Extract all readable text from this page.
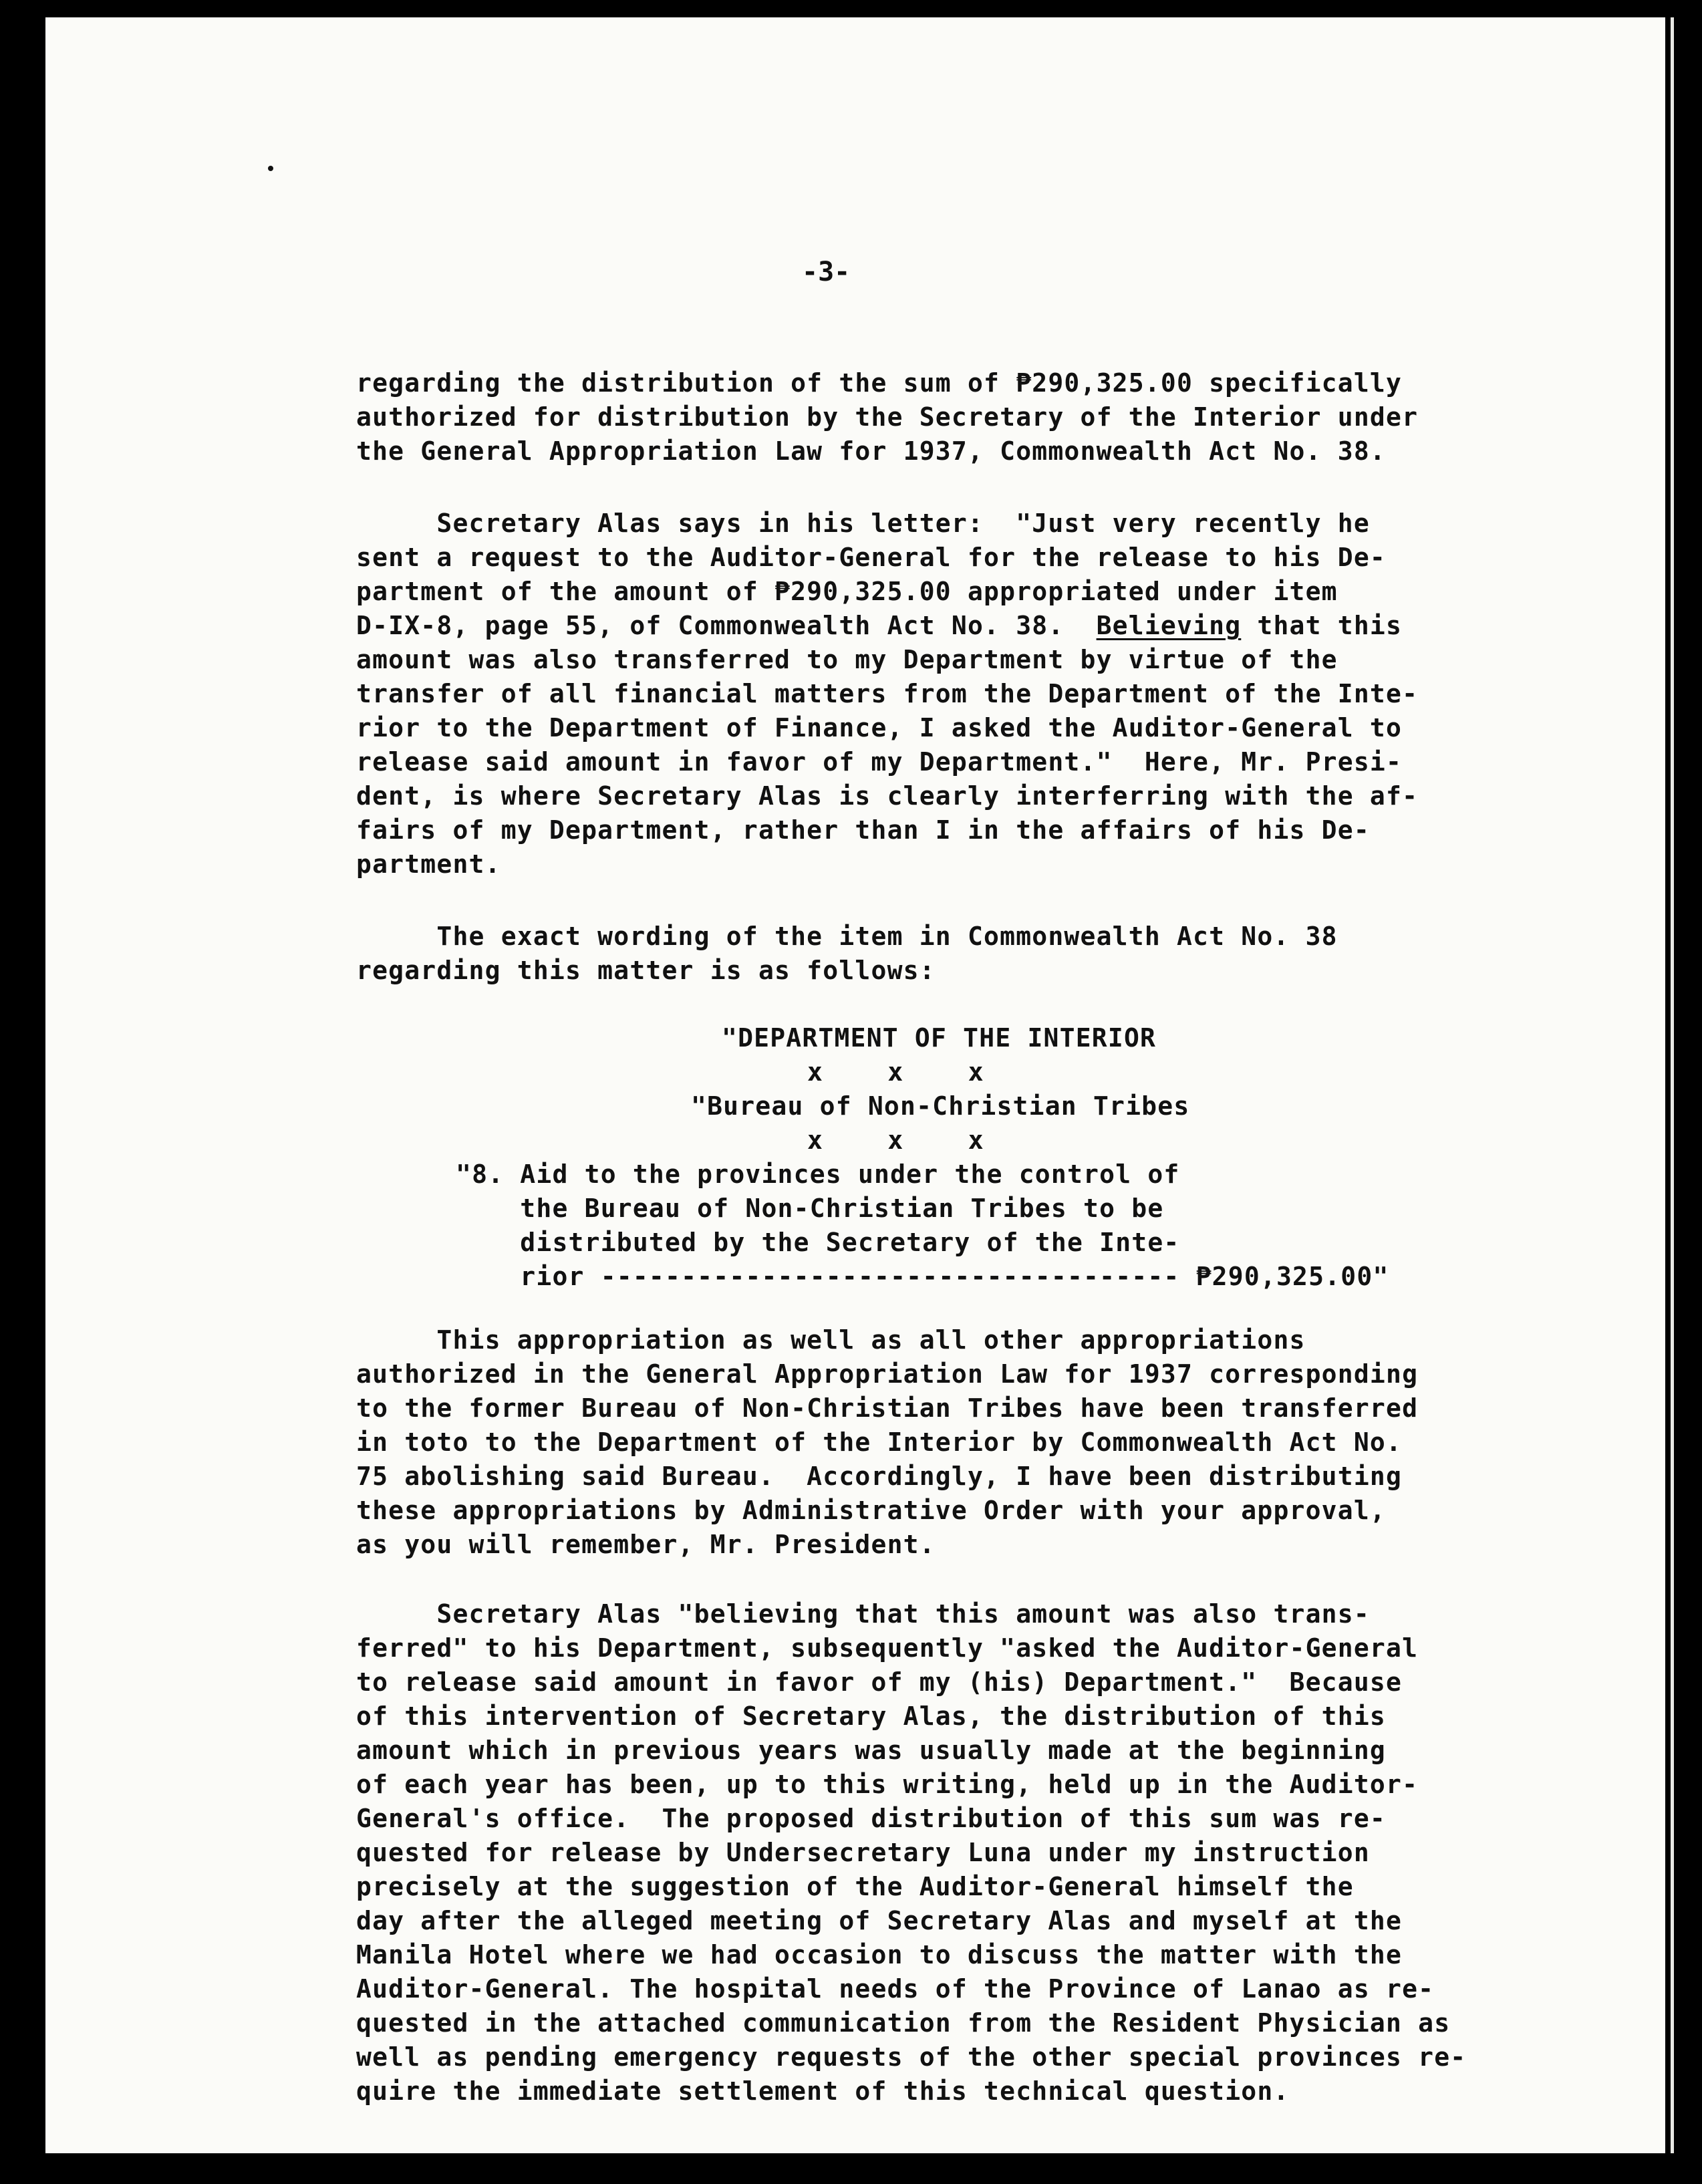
-3-

regarding the distribution of the sum of ₱290,325.00 specifically

authorized for distribution by the Secretary of the Interior under

the General Appropriation Law for 1937, Commonwealth Act No. 38.

Secretary Alas says in his letter:  "Just very recently he

sent a request to the Auditor-General for the release to his De-

partment of the amount of ₱290,325.00 appropriated under item

D-IX-8, page 55, of Commonwealth Act No. 38.  Believing that this

amount was also transferred to my Department by virtue of the

transfer of all financial matters from the Department of the Inte-

rior to the Department of Finance, I asked the Auditor-General to

release said amount in favor of my Department."  Here, Mr. Presi-

dent, is where Secretary Alas is clearly interferring with the af-

fairs of my Department, rather than I in the affairs of his De-

partment.

The exact wording of the item in Commonwealth Act No. 38

regarding this matter is as follows:

"DEPARTMENT OF THE INTERIOR

x    x    x

"Bureau of Non-Christian Tribes

x    x    x

"8. Aid to the provinces under the control of

the Bureau of Non-Christian Tribes to be

distributed by the Secretary of the Inte-

rior ------------------------------------ ₱290,325.00"

This appropriation as well as all other appropriations

authorized in the General Appropriation Law for 1937 corresponding

to the former Bureau of Non-Christian Tribes have been transferred

in toto to the Department of the Interior by Commonwealth Act No.

75 abolishing said Bureau.  Accordingly, I have been distributing

these appropriations by Administrative Order with your approval,

as you will remember, Mr. President.

Secretary Alas "believing that this amount was also trans-

ferred" to his Department, subsequently "asked the Auditor-General

to release said amount in favor of my (his) Department."  Because

of this intervention of Secretary Alas, the distribution of this

amount which in previous years was usually made at the beginning

of each year has been, up to this writing, held up in the Auditor-

General's office.  The proposed distribution of this sum was re-

quested for release by Undersecretary Luna under my instruction

precisely at the suggestion of the Auditor-General himself the

day after the alleged meeting of Secretary Alas and myself at the

Manila Hotel where we had occasion to discuss the matter with the

Auditor-General. The hospital needs of the Province of Lanao as re-

quested in the attached communication from the Resident Physician as

well as pending emergency requests of the other special provinces re-

quire the immediate settlement of this technical question.
